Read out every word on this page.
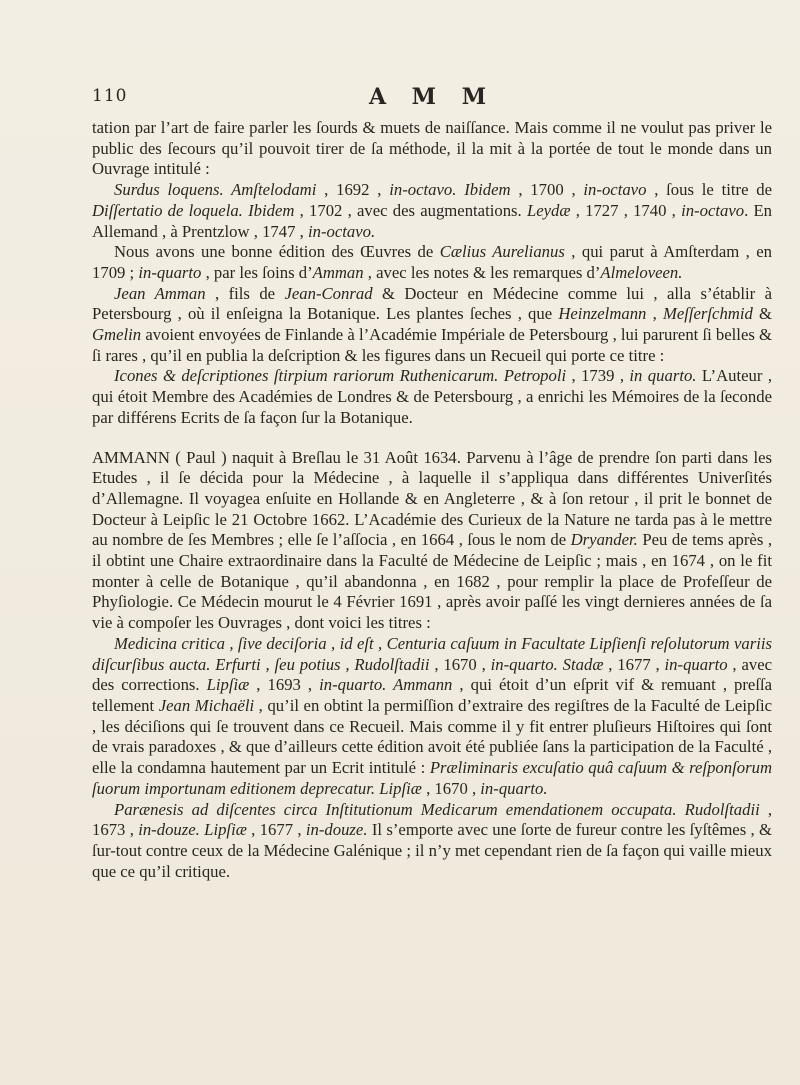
110	A M M

tation par l’art de faire parler les ſourds & muets de naiſſance. Mais comme il ne voulut pas priver le public des ſecours qu’il pouvoit tirer de ſa méthode, il la mit à la portée de tout le monde dans un Ouvrage intitulé :

Surdus loquens. Amſtelodami , 1692 , in-octavo. Ibidem , 1700 , in-octavo , ſous le titre de Diſſertatio de loquela. Ibidem , 1702 , avec des augmentations. Leydæ , 1727 , 1740 , in-octavo. En Allemand , à Prentzlow , 1747 , in-octavo.

Nous avons une bonne édition des Œuvres de Cælius Aurelianus , qui parut à Amſterdam , en 1709 ; in-quarto , par les ſoins d’Amman , avec les notes & les remarques d’Almeloveen.

Jean Amman , fils de Jean-Conrad & Docteur en Médecine comme lui , alla s’établir à Petersbourg , où il enſeigna la Botanique. Les plantes ſeches , que Heinzelmann , Meſſerſchmid & Gmelin avoient envoyées de Finlande à l’Académie Impériale de Petersbourg , lui parurent ſi belles & ſi rares , qu’il en publia la deſcription & les figures dans un Recueil qui porte ce titre :

Icones & deſcriptiones ſtirpium rariorum Ruthenicarum. Petropoli , 1739 , in quarto. L’Auteur , qui étoit Membre des Académies de Londres & de Petersbourg , a enrichi les Mémoires de la ſeconde par différens Ecrits de ſa façon ſur la Botanique.

AMMANN ( Paul ) naquit à Breſlau le 31 Août 1634. Parvenu à l’âge de prendre ſon parti dans les Etudes , il ſe décida pour la Médecine , à laquelle il s’appliqua dans différentes Univerſités d’Allemagne. Il voyagea enſuite en Hollande & en Angleterre , & à ſon retour , il prit le bonnet de Docteur à Leipſic le 21 Octobre 1662. L’Académie des Curieux de la Nature ne tarda pas à le mettre au nombre de ſes Membres ; elle ſe l’aſſocia , en 1664 , ſous le nom de Dryander. Peu de tems après , il obtint une Chaire extraordinaire dans la Faculté de Médecine de Leipſic ; mais , en 1674 , on le fit monter à celle de Botanique , qu’il abandonna , en 1682 , pour remplir la place de Profeſſeur de Phyſiologie. Ce Médecin mourut le 4 Février 1691 , après avoir paſſé les vingt dernieres années de ſa vie à compoſer les Ouvrages , dont voici les titres :

Medicina critica , ſive deciſoria , id eſt , Centuria caſuum in Facultate Lipſienſi reſolutorum variis diſcurſibus aucta. Erfurti , ſeu potius , Rudolſtadii , 1670 , in-quarto. Stadæ , 1677 , in-quarto , avec des corrections. Lipſiæ , 1693 , in-quarto. Ammann , qui étoit d’un eſprit vif & remuant , preſſa tellement Jean Michaëli , qu’il en obtint la permiſſion d’extraire des regiſtres de la Faculté de Leipſic , les déciſions qui ſe trouvent dans ce Recueil. Mais comme il y fit entrer pluſieurs Hiſtoires qui ſont de vrais paradoxes , & que d’ailleurs cette édition avoit été publiée ſans la participation de la Faculté , elle la condamna hautement par un Ecrit intitulé : Præliminaris excuſatio quâ caſuum & reſponſorum ſuorum importunam editionem deprecatur. Lipſiæ , 1670 , in-quarto.

Parænesis ad diſcentes circa Inſtitutionum Medicarum emendationem occupata. Rudolſtadii , 1673 , in-douze. Lipſiæ , 1677 , in-douze. Il s’emporte avec une ſorte de fureur contre les ſyſtêmes , & ſur-tout contre ceux de la Médecine Galénique ; il n’y met cependant rien de ſa façon qui vaille mieux que ce qu’il critique.
